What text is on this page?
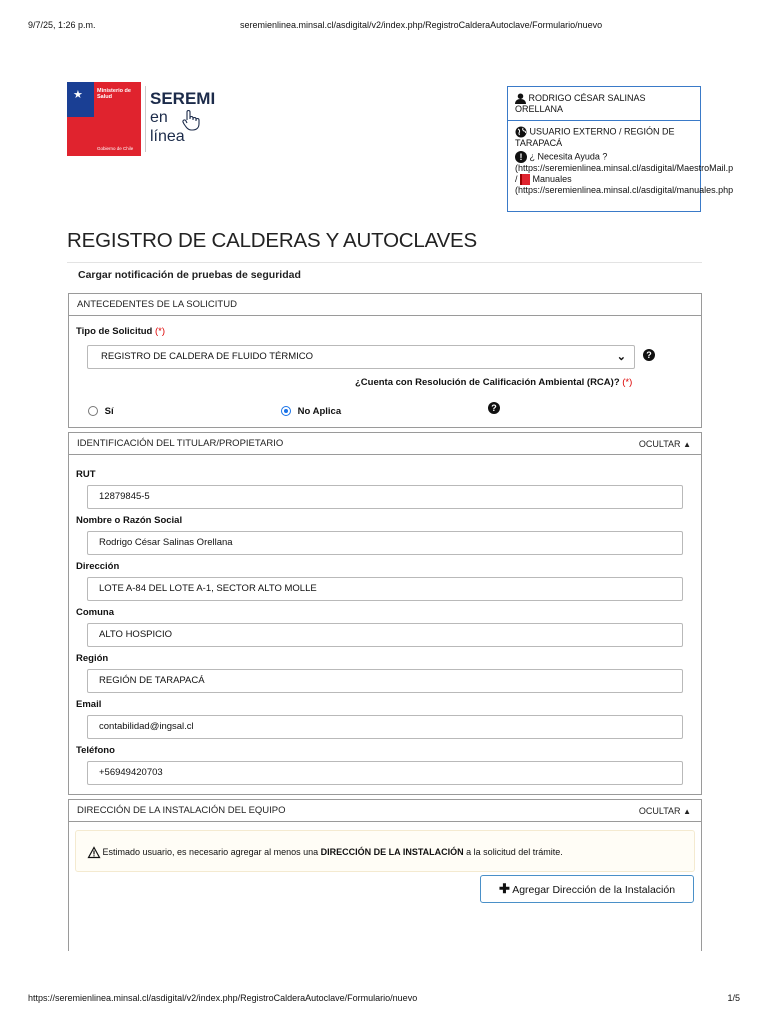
9/7/25, 1:26 p.m.	seremienlinea.minsal.cl/asdigital/v2/index.php/RegistroCalderaAutoclave/Formulario/nuevo
★	Ministerio de Salud
Gobierno de Chile
SEREMI
en
línea
RODRIGO CÉSAR SALINAS ORELLANA
USUARIO EXTERNO / REGIÓN DE TARAPACÁ
! ¿ Necesita Ayuda ?
(https://seremienlinea.minsal.cl/asdigital/MaestroMail.p
/ Manuales
(https://seremienlinea.minsal.cl/asdigital/manuales.php
REGISTRO DE CALDERAS Y AUTOCLAVES
Cargar notificación de pruebas de seguridad
ANTECEDENTES DE LA SOLICITUD
Tipo de Solicitud (*)
REGISTRO DE CALDERA DE FLUIDO TÉRMICO	⌄	?
¿Cuenta con Resolución de Calificación Ambiental (RCA)? (*)
Sí	No Aplica	?
IDENTIFICACIÓN DEL TITULAR/PROPIETARIO	OCULTAR ▲
RUT
12879845-5
Nombre o Razón Social
Rodrigo César Salinas Orellana
Dirección
LOTE A-84 DEL LOTE A-1, SECTOR ALTO MOLLE
Comuna
ALTO HOSPICIO
Región
REGIÓN DE TARAPACÁ
Email
contabilidad@ingsal.cl
Teléfono
+56949420703
DIRECCIÓN DE LA INSTALACIÓN DEL EQUIPO	OCULTAR ▲
Estimado usuario, es necesario agregar al menos una DIRECCIÓN DE LA INSTALACIÓN a la solicitud del trámite.
✚ Agregar Dirección de la Instalación
https://seremienlinea.minsal.cl/asdigital/v2/index.php/RegistroCalderaAutoclave/Formulario/nuevo	1/5
